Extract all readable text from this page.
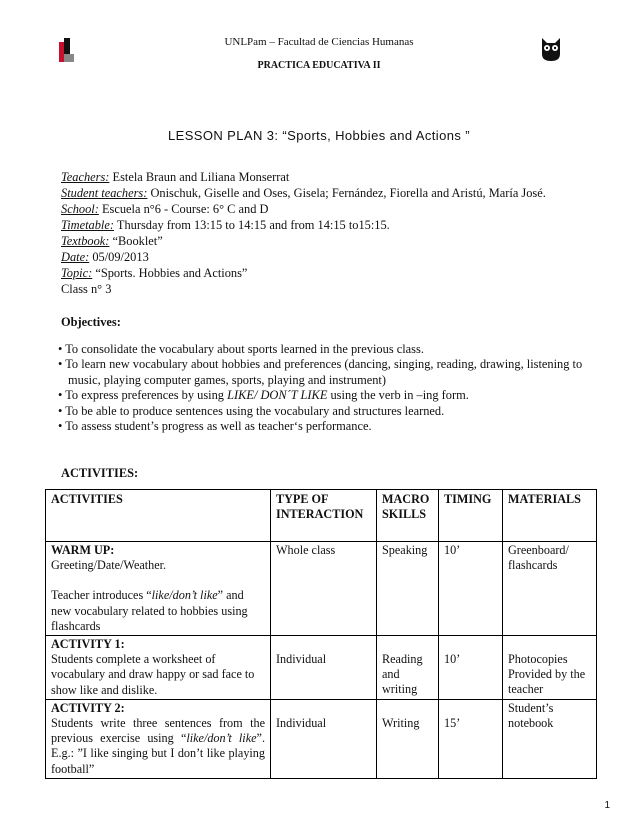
UNLPam – Facultad de Ciencias Humanas
PRACTICA EDUCATIVA II
LESSON PLAN 3: “Sports, Hobbies and Actions ”
Teachers: Estela Braun and Liliana Monserrat
Student teachers: Onischuk, Giselle and Oses, Gisela; Fernández, Fiorella and Aristú, María José.
School: Escuela n°6 - Course: 6° C and D
Timetable: Thursday from 13:15 to 14:15 and from 14:15 to15:15.
Textbook: “Booklet”
Date: 05/09/2013
Topic: “Sports. Hobbies and Actions”
Class n° 3
Objectives:
• To consolidate the vocabulary about sports learned in the previous class.
• To learn new vocabulary about hobbies and preferences (dancing, singing, reading, drawing, listening to music, playing computer games, sports, playing and instrument)
• To express preferences by using LIKE/ DON´T LIKE using the verb in –ing form.
• To be able to produce sentences using the vocabulary and structures learned.
• To assess student’s progress as well as teacher‘s performance.
ACTIVITIES:
ACTIVITIES	TYPE OF INTERACTION	MACRO SKILLS	TIMING	MATERIALS

WARM UP:
Greeting/Date/Weather.
Teacher introduces “like/don’t like” and new vocabulary related to hobbies using flashcards	Whole class	Speaking	10’	Greenboard/ flashcards

ACTIVITY 1:
Students complete a worksheet of vocabulary and draw happy or sad face to show like and dislike.	Individual	Reading and writing	10’	Photocopies Provided by the teacher

ACTIVITY 2:
Students write three sentences from the previous exercise using “like/don’t like”. E.g.: ”I like singing but I don’t like playing football”	Individual	Writing	15’	Student’s notebook
1
